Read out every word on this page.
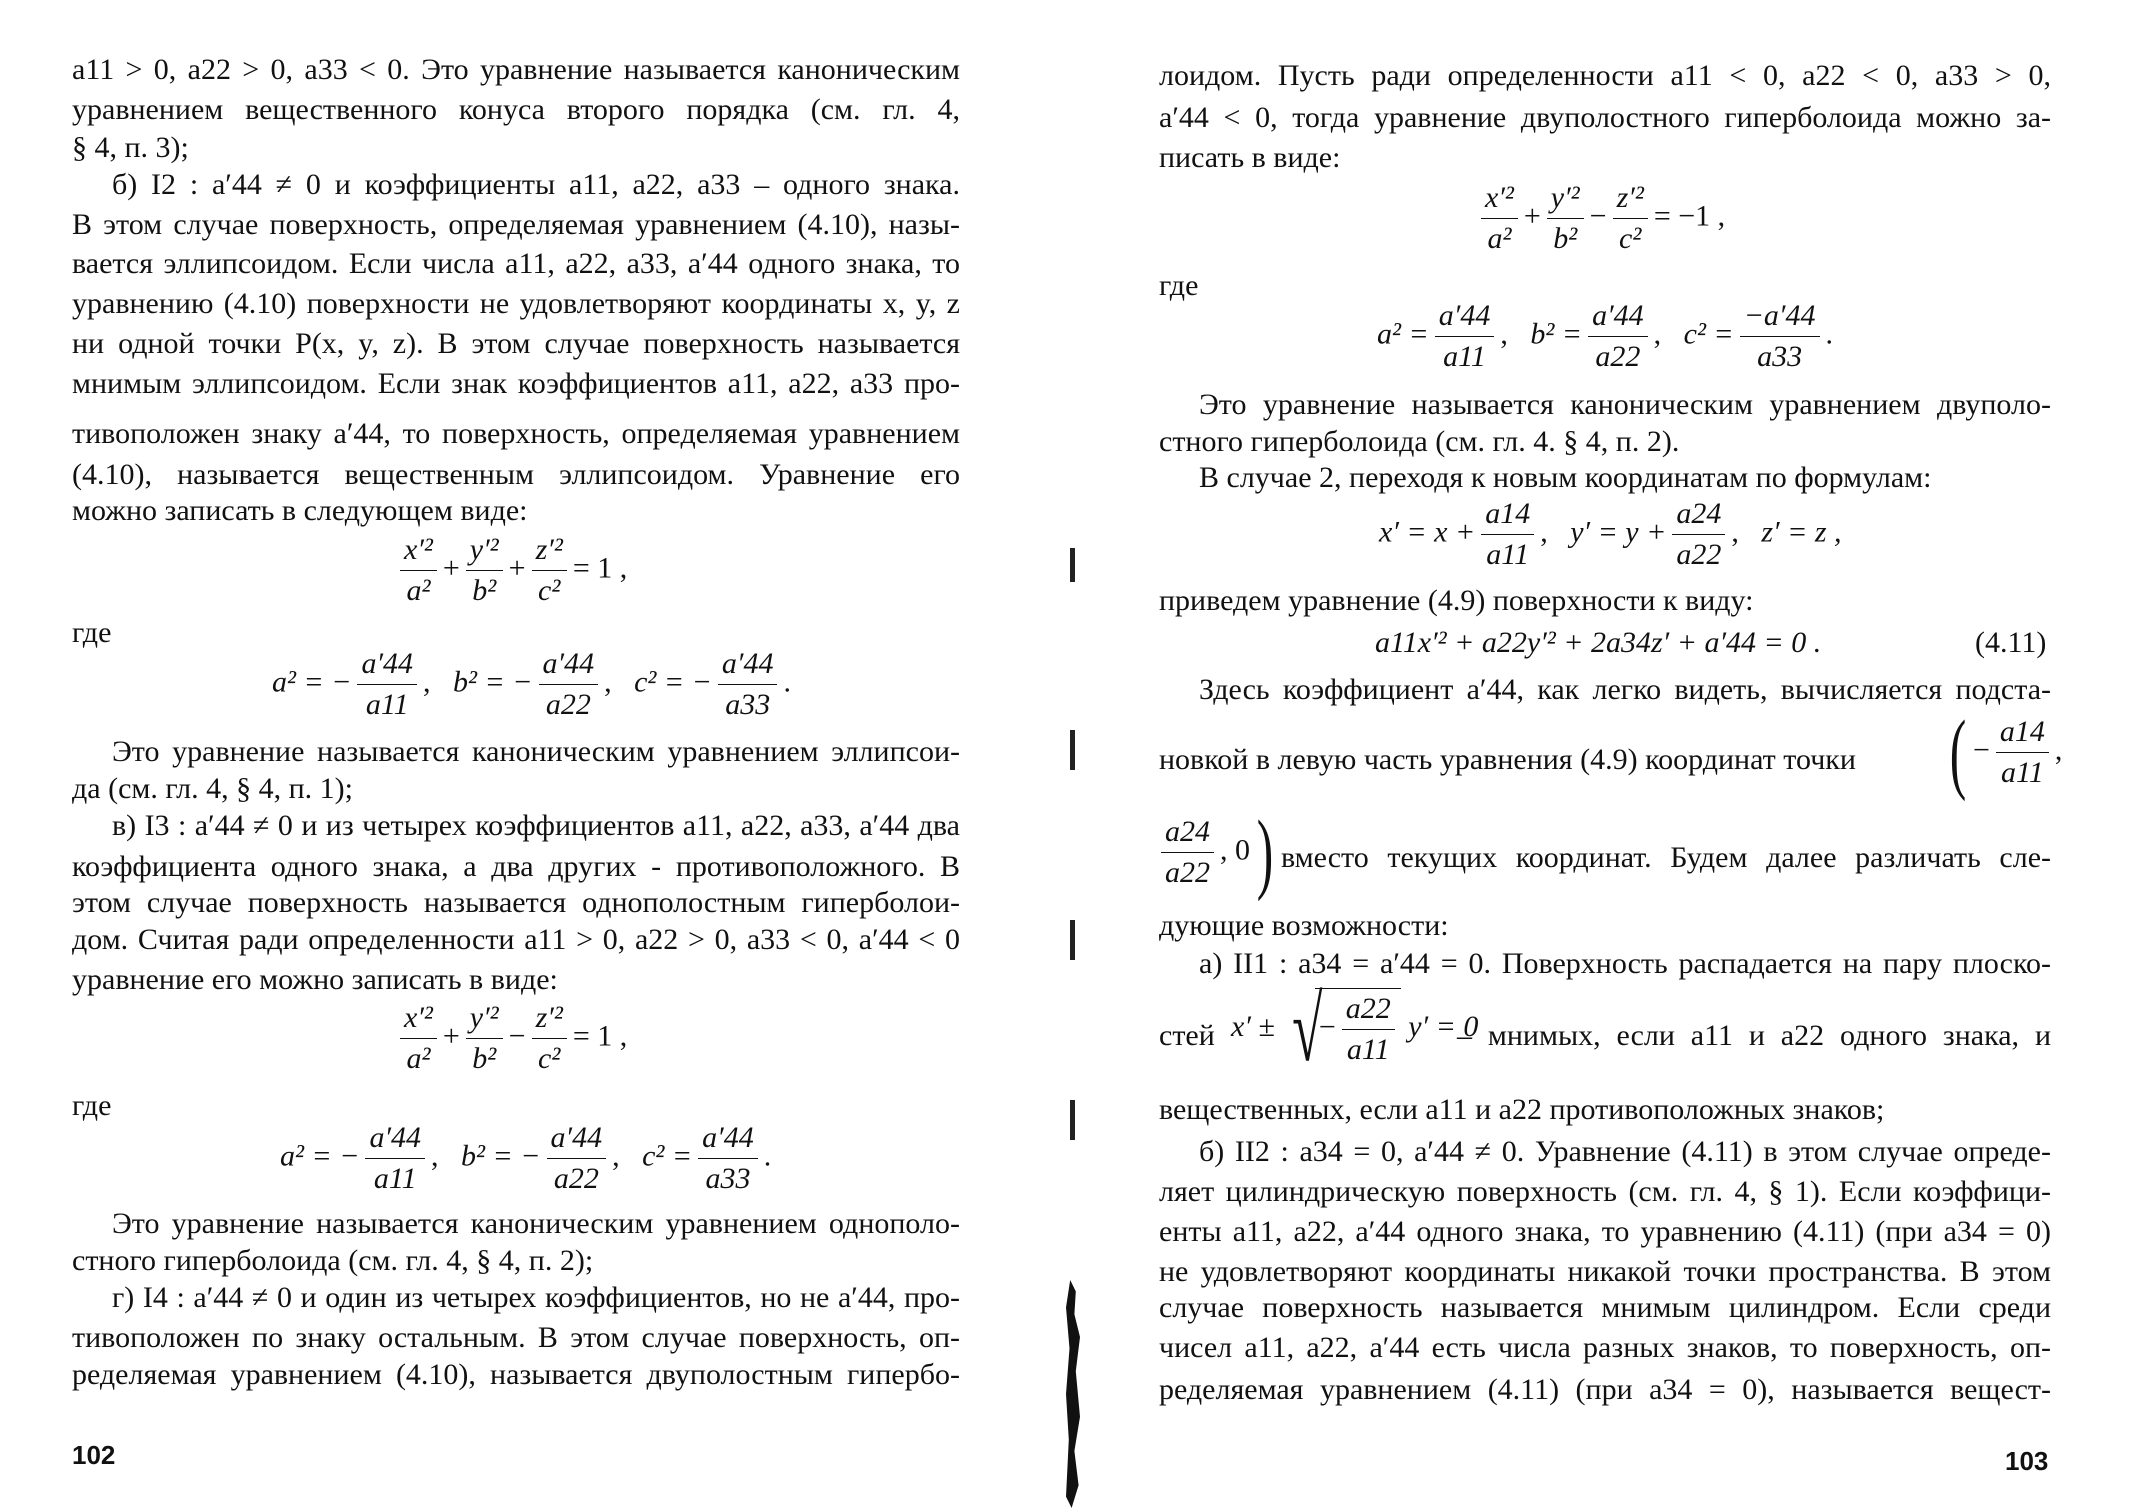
a11 > 0, a22 > 0, a33 < 0. Это уравнение называется каноническим
уравнением вещественного конуса второго порядка (см. гл. 4,
§ 4, п. 3);
б) I2 : a′44 ≠ 0 и коэффициенты a11, a22, a33 – одного знака.
В этом случае поверхность, определяемая уравнением (4.10), назы-
вается эллипсоидом. Если числа a11, a22, a33, a′44 одного знака, то
уравнению (4.10) поверхности не удовлетворяют координаты x, y, z
ни одной точки P(x, y, z). В этом случае поверхность называется
мнимым эллипсоидом. Если знак коэффициентов a11, a22, a33 про-
тивоположен знаку a′44, то поверхность, определяемая уравнением
(4.10), называется вещественным эллипсоидом. Уравнение его
можно записать в следующем виде:
$\frac{\text{x′²}}{\text{a²}} + \frac{\text{y′²}}{\text{b²}} + \frac{\text{z′²}}{\text{c²}} = 1$ ,
где
a² = − $\frac{a'44}{a11}$ , b² = − $\frac{a'44}{a22}$ , c² = − $\frac{a'44}{a33}$ .
Это уравнение называется каноническим уравнением эллипсои-
да (см. гл. 4, § 4, п. 1);
в) I3 : a′44 ≠ 0 и из четырех коэффициентов a11, a22, a33, a′44 два
коэффициента одного знака, а два других - противоположного. В
этом случае поверхность называется однополостным гиперболои-
дом. Считая ради определенности a11 > 0, a22 > 0, a33 < 0, a′44 < 0
уравнение его можно записать в виде:
$\frac{\text{x′²}}{\text{a²}} + \frac{\text{y′²}}{\text{b²}} - \frac{\text{z′²}}{\text{c²}} = 1$ ,
где
a² = − $\frac{a'44}{a11}$ , b² = − $\frac{a'44}{a22}$ , $c^2 = \frac{a'44}{a33}$ .
Это уравнение называется каноническим уравнением однополо-
стного гиперболоида (см. гл. 4, § 4, п. 2);
г) I4 : a′44 ≠ 0 и один из четырех коэффициентов, но не a′44, про-
тивоположен по знаку остальным. В этом случае поверхность, оп-
ределяемая уравнением (4.10), называется двуполостным гипербо-
102
лоидом. Пусть ради определенности a11 < 0, a22 < 0, a33 > 0,
a′44 < 0, тогда уравнение двуполостного гиперболоида можно за-
писать в виде:
$\frac{\text{x′²}}{\text{a²}} + \frac{\text{y′²}}{\text{b²}} - \frac{\text{z′²}}{\text{c²}} = -1$ ,
где
$a^2 = \frac{a'44}{a11}$ , $b^2 = \frac{a'44}{a22}$ , $c^2 = \frac{-a'44}{a33}$ .
Это уравнение называется каноническим уравнением двуполо-
стного гиперболоида (см. гл. 4. § 4, п. 2).
В случае 2, переходя к новым координатам по формулам:
$x' = x + \frac{a14}{a11}$ , $y' = y + \frac{a24}{a22}$ , z′ = z ,
приведем уравнение (4.9) поверхности к виду:
a11x′² + a22y′² + 2a34z′ + a′44 = 0 .	(4.11)
Здесь коэффициент a′44, как легко видеть, вычисляется подста-
новкой в левую часть уравнения (4.9) координат точки ( − $\frac{a14}{a11}$ ,
$\frac{a24}{a22}$ , 0) вместо текущих координат. Будем далее различать сле-
дующие возможности:
а) II1 : a34 = a′44 = 0. Поверхность распадается на пару плоско-
стей x′ ± √− $\frac{a22}{a11} y' = 0$
– мнимых, если a11 и a22 одного знака, и
вещественных, если a11 и a22 противоположных знаков;
б) II2 : a34 = 0, a′44 ≠ 0. Уравнение (4.11) в этом случае опреде-
ляет цилиндрическую поверхность (см. гл. 4, § 1). Если коэффици-
енты a11, a22, a′44 одного знака, то уравнению (4.11) (при a34 = 0)
не удовлетворяют координаты никакой точки пространства. В этом
случае поверхность называется мнимым цилиндром. Если среди
чисел a11, a22, a′44 есть числа разных знаков, то поверхность, оп-
ределяемая уравнением (4.11) (при a34 = 0), называется вещест-
103
